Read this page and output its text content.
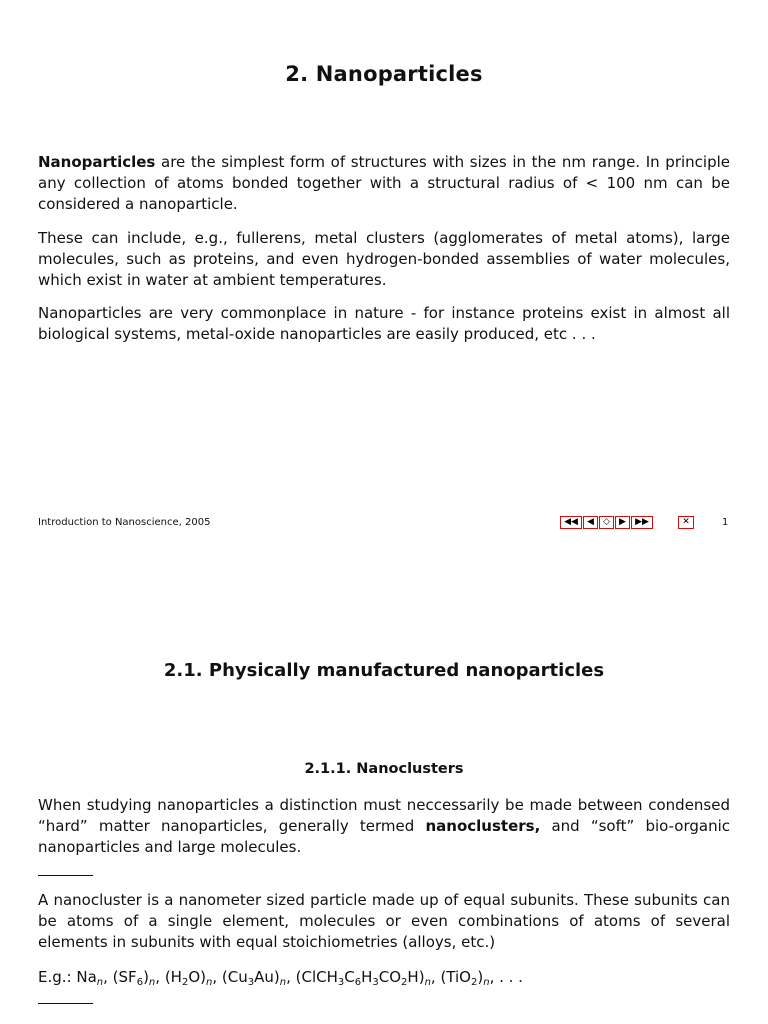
2. Nanoparticles
Nanoparticles are the simplest form of structures with sizes in the nm range. In principle any collection of atoms bonded together with a structural radius of < 100 nm can be considered a nanoparticle.
These can include, e.g., fullerens, metal clusters (agglomerates of metal atoms), large molecules, such as proteins, and even hydrogen-bonded assemblies of water molecules, which exist in water at ambient temperatures.
Nanoparticles are very commonplace in nature - for instance proteins exist in almost all biological systems, metal-oxide nanoparticles are easily produced, etc . . .
Introduction to Nanoscience, 2005	◀◀	◀	◇	▶	▶▶	✕	1
2.1. Physically manufactured nanoparticles
2.1.1. Nanoclusters
When studying nanoparticles a distinction must neccessarily be made between condensed “hard” matter nanoparticles, generally termed nanoclusters, and “soft” bio-organic nanoparticles and large molecules.
A nanocluster is a nanometer sized particle made up of equal subunits. These subunits can be atoms of a single element, molecules or even combinations of atoms of several elements in subunits with equal stoichiometries (alloys, etc.)
E.g.: $Na_n$, $(SF_6)_n$, $(H_2O)_n$, $(Cu_3Au)_n$, $(ClCH_3C_6H_3CO_2H)_n$, $(TiO_2)_n$, . . .
